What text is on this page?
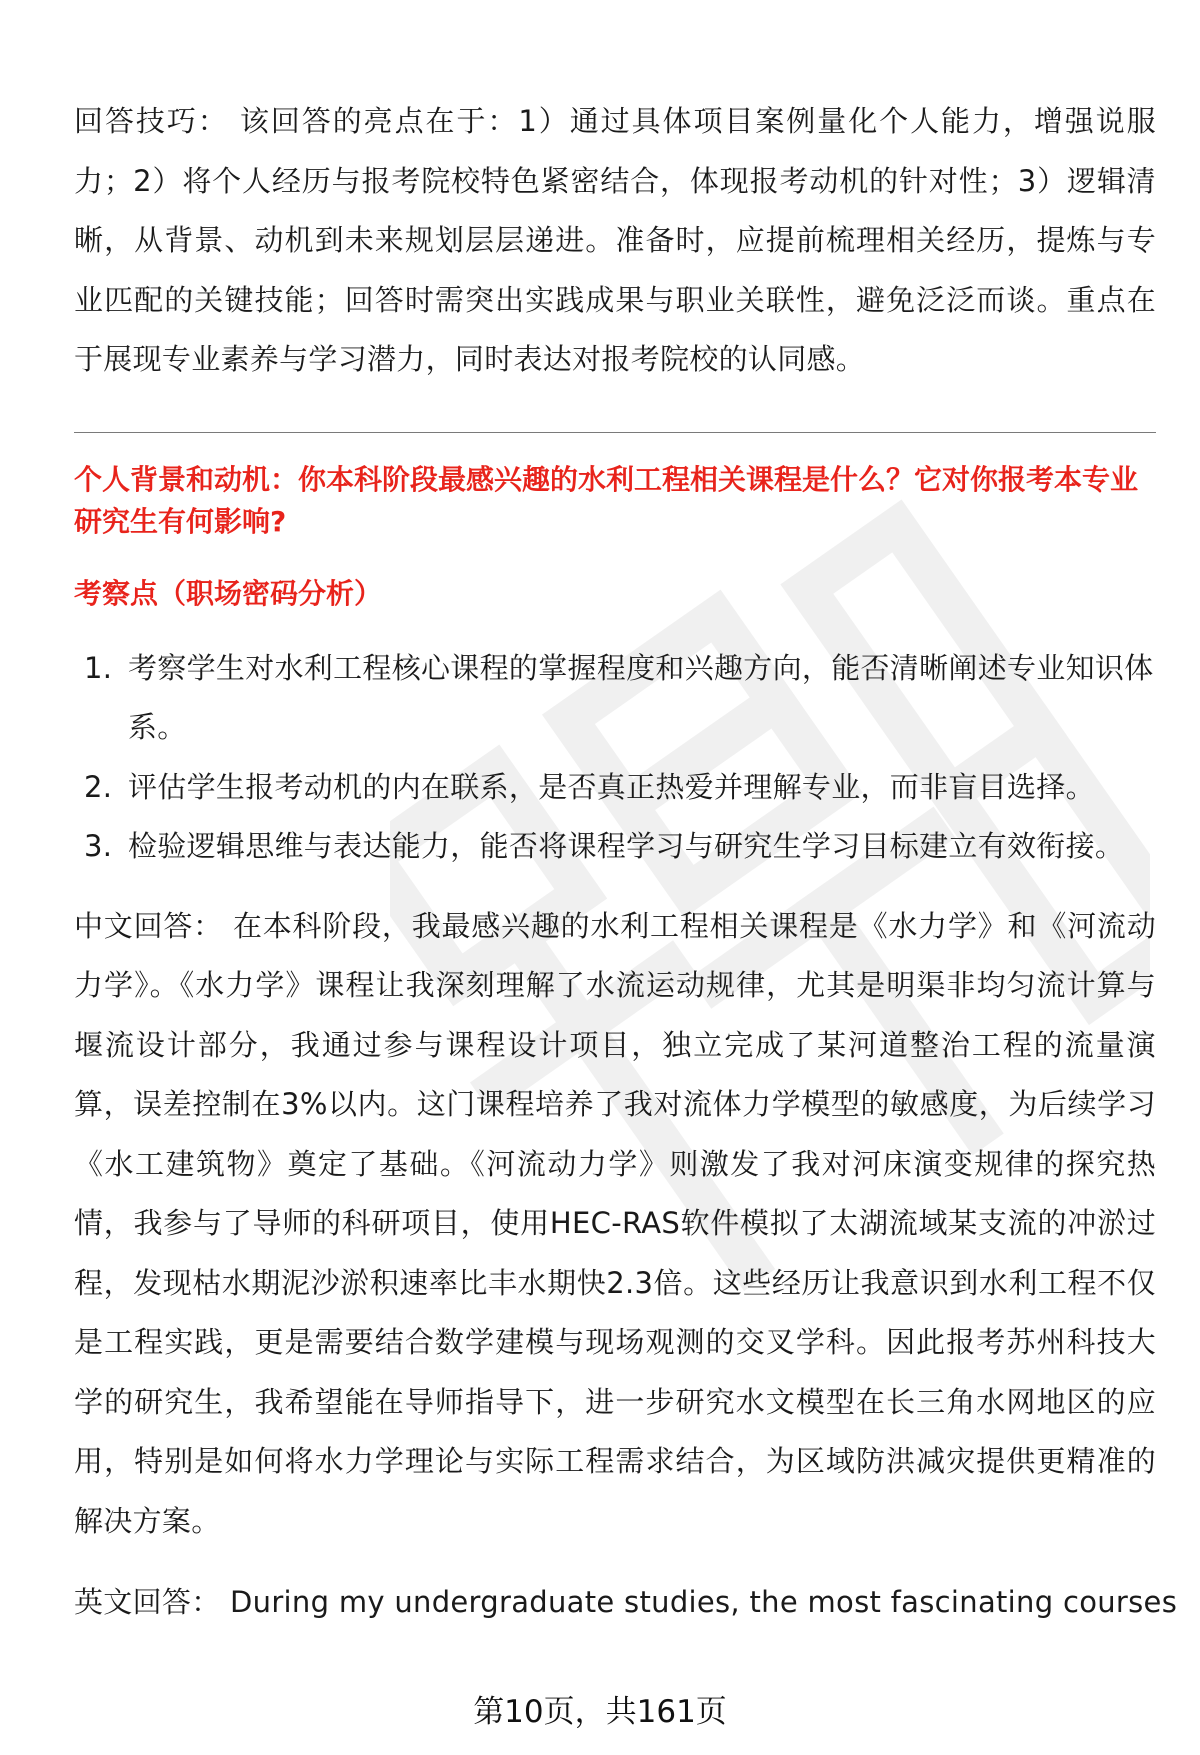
回答技巧： 该回答的亮点在于：1）通过具体项目案例量化个人能力，增强说服力；2）将个人经历与报考院校特色紧密结合，体现报考动机的针对性；3）逻辑清晰，从背景、动机到未来规划层层递进。准备时，应提前梳理相关经历，提炼与专业匹配的关键技能；回答时需突出实践成果与职业关联性，避免泛泛而谈。重点在于展现专业素养与学习潜力，同时表达对报考院校的认同感。

个人背景和动机：你本科阶段最感兴趣的水利工程相关课程是什么？它对你报考本专业研究生有何影响?
考察点（职场密码分析）
1. 考察学生对水利工程核心课程的掌握程度和兴趣方向，能否清晰阐述专业知识体系。
2. 评估学生报考动机的内在联系，是否真正热爱并理解专业，而非盲目选择。
3. 检验逻辑思维与表达能力，能否将课程学习与研究生学习目标建立有效衔接。

中文回答： 在本科阶段，我最感兴趣的水利工程相关课程是《水力学》和《河流动力学》。《水力学》课程让我深刻理解了水流运动规律，尤其是明渠非均匀流计算与堰流设计部分，我通过参与课程设计项目，独立完成了某河道整治工程的流量演算，误差控制在3%以内。这门课程培养了我对流体力学模型的敏感度，为后续学习《水工建筑物》奠定了基础。《河流动力学》则激发了我对河床演变规律的探究热情，我参与了导师的科研项目，使用HEC-RAS软件模拟了太湖流域某支流的冲淤过程，发现枯水期泥沙淤积速率比丰水期快2.3倍。这些经历让我意识到水利工程不仅是工程实践，更是需要结合数学建模与现场观测的交叉学科。因此报考苏州科技大学的研究生，我希望能在导师指导下，进一步研究水文模型在长三角水网地区的应用，特别是如何将水力学理论与实际工程需求结合，为区域防洪减灾提供更精准的解决方案。

英文回答： During my undergraduate studies, the most fascinating courses

第10页，共161页
